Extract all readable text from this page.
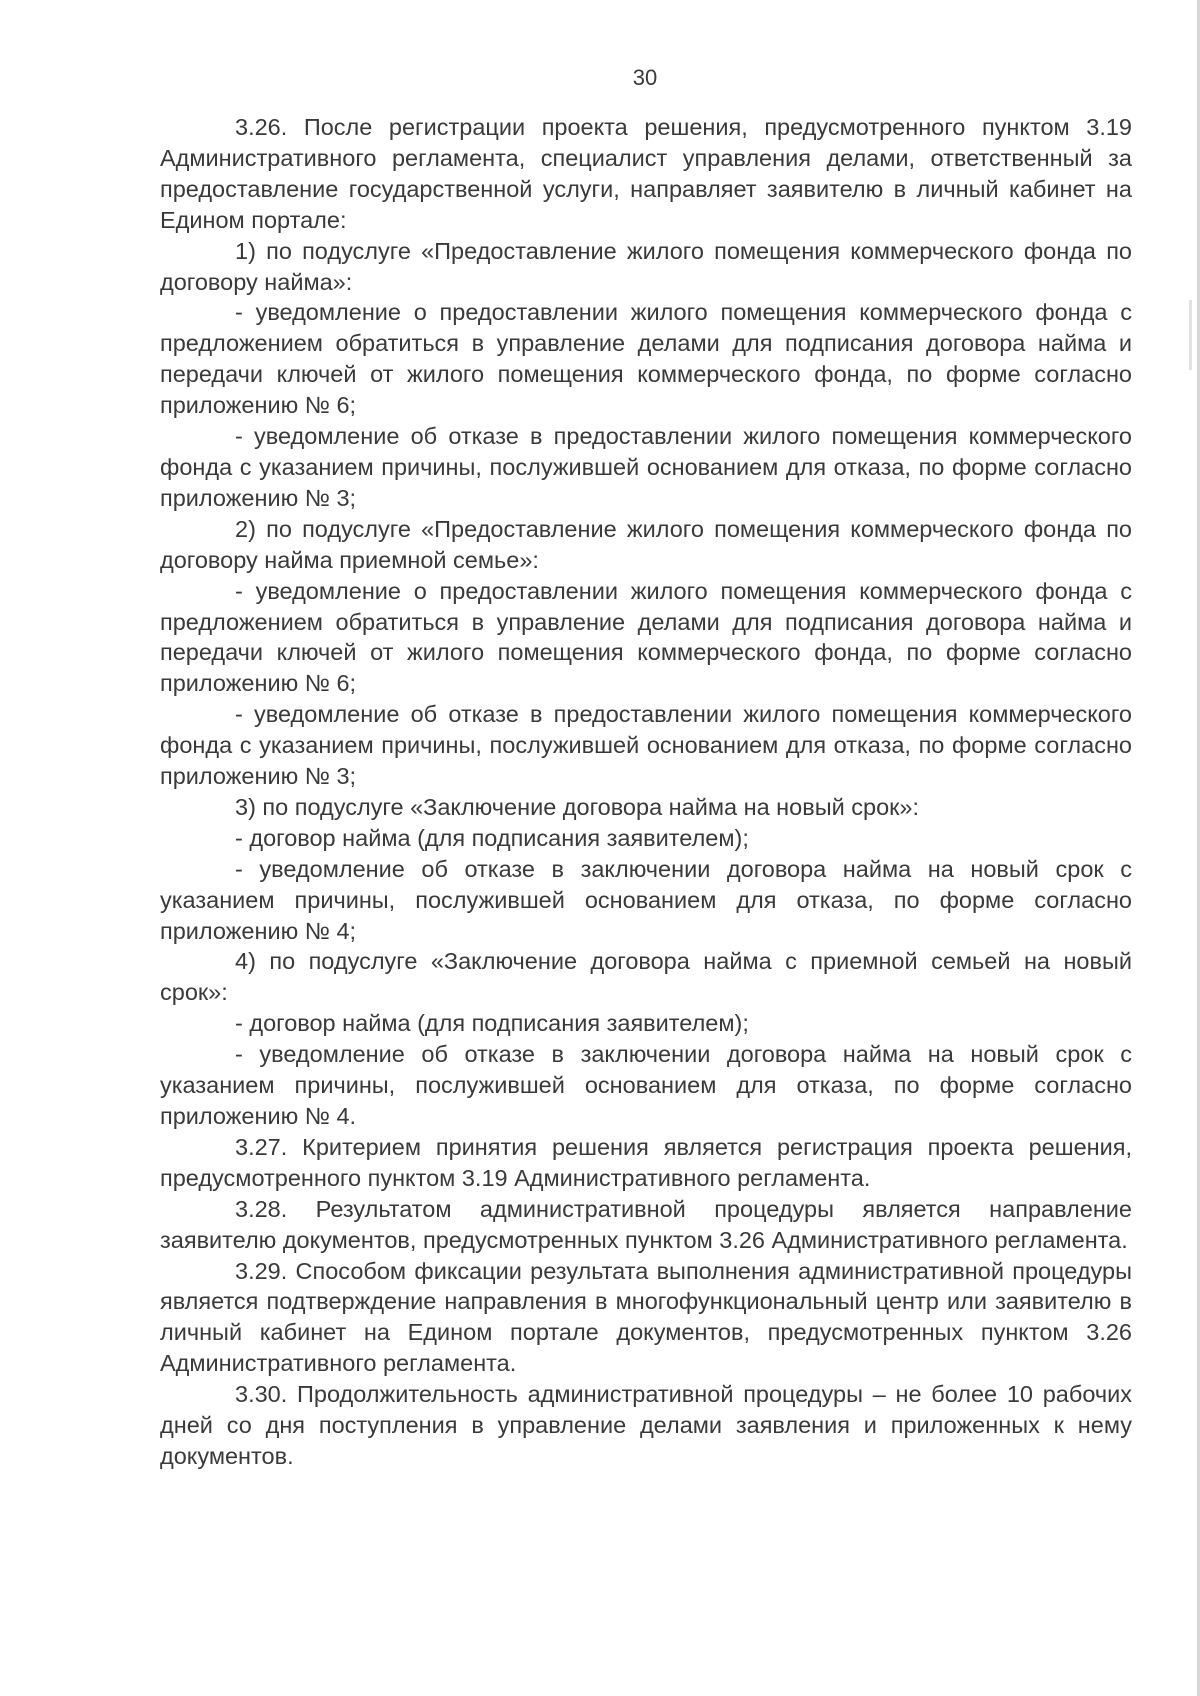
30

3.26. После регистрации проекта решения, предусмотренного пунктом 3.19 Административного регламента, специалист управления делами, ответственный за предоставление государственной услуги, направляет заявителю в личный кабинет на Едином портале:

1) по подуслуге «Предоставление жилого помещения коммерческого фонда по договору найма»:

- уведомление о предоставлении жилого помещения коммерческого фонда с предложением обратиться в управление делами для подписания договора найма и передачи ключей от жилого помещения коммерческого фонда, по форме согласно приложению № 6;

- уведомление об отказе в предоставлении жилого помещения коммерческого фонда с указанием причины, послужившей основанием для отказа, по форме согласно приложению № 3;

2) по подуслуге «Предоставление жилого помещения коммерческого фонда по договору найма приемной семье»:

- уведомление о предоставлении жилого помещения коммерческого фонда с предложением обратиться в управление делами для подписания договора найма и передачи ключей от жилого помещения коммерческого фонда, по форме согласно приложению № 6;

- уведомление об отказе в предоставлении жилого помещения коммерческого фонда с указанием причины, послужившей основанием для отказа, по форме согласно приложению № 3;

3) по подуслуге «Заключение договора найма на новый срок»:

- договор найма (для подписания заявителем);

- уведомление об отказе в заключении договора найма на новый срок с указанием причины, послужившей основанием для отказа, по форме согласно приложению № 4;

4) по подуслуге «Заключение договора найма с приемной семьей на новый срок»:

- договор найма (для подписания заявителем);

- уведомление об отказе в заключении договора найма на новый срок с указанием причины, послужившей основанием для отказа, по форме согласно приложению № 4.

3.27. Критерием принятия решения является регистрация проекта решения, предусмотренного пунктом 3.19 Административного регламента.

3.28. Результатом административной процедуры является направление заявителю документов, предусмотренных пунктом 3.26 Административного регламента.

3.29. Способом фиксации результата выполнения административной процедуры является подтверждение направления в многофункциональный центр или заявителю в личный кабинет на Едином портале документов, предусмотренных пунктом 3.26 Административного регламента.

3.30. Продолжительность административной процедуры – не более 10 рабочих дней со дня поступления в управление делами заявления и приложенных к нему документов.
